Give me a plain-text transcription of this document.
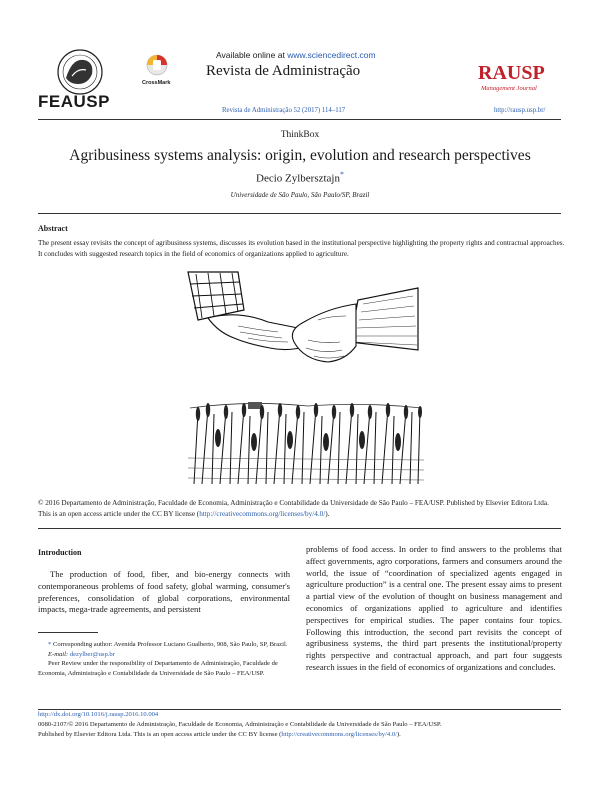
FEAUSP
CrossMark
Available online at www.sciencedirect.com
Revista de Administração	RAUSP
Management Journal
Revista de Administração 52 (2017) 114–117	http://rausp.usp.br/
ThinkBox
Agribusiness systems analysis: origin, evolution and research perspectives
Decio Zylbersztajn*
Universidade de São Paulo, São Paulo/SP, Brazil
Abstract
The present essay revisits the concept of agribusiness systems, discusses its evolution based in the institutional perspective highlighting the property rights and contractual approaches. It concludes with suggested research topics in the field of economics of organizations applied to agriculture.
© 2016 Departamento de Administração, Faculdade de Economia, Administração e Contabilidade da Universidade de São Paulo – FEA/USP. Published by Elsevier Editora Ltda. This is an open access article under the CC BY license (http://creativecommons.org/licenses/by/4.0/).
Introduction
The production of food, fiber, and bio-energy connects with contemporaneous problems of food safety, global warming, consumer's preferences, consolidation of global corporations, environmental impacts, mega-trade agreements, and persistent
problems of food access. In order to find answers to the problems that affect governments, agro corporations, farmers and consumers around the world, the issue of “coordination of specialized agents engaged in agriculture production” is a central one. The present essay aims to present a partial view of the evolution of thought on business management and economics of organizations applied to agriculture and identifies perspectives for empirical studies. The paper contains four topics. Following this introduction, the second part revisits the concept of agribusiness systems, the third part presents the institutional/property rights perspective and contractual approach, and part four suggests research issues in the field of economics of organizations and concludes.

* Corresponding author: Avenida Professor Luciano Gualberto, 908, São Paulo, SP, Brazil.

E-mail: dezylber@usp.br

Peer Review under the responsibility of Departamento de Administração, Faculdade de Economia, Administração e Contabilidade da Universidade de São Paulo – FEA/USP.

http://dx.doi.org/10.1016/j.rausp.2016.10.004
0080-2107/© 2016 Departamento de Administração, Faculdade de Economia, Administração e Contabilidade da Universidade de São Paulo – FEA/USP.
Published by Elsevier Editora Ltda. This is an open access article under the CC BY license (http://creativecommons.org/licenses/by/4.0/).
